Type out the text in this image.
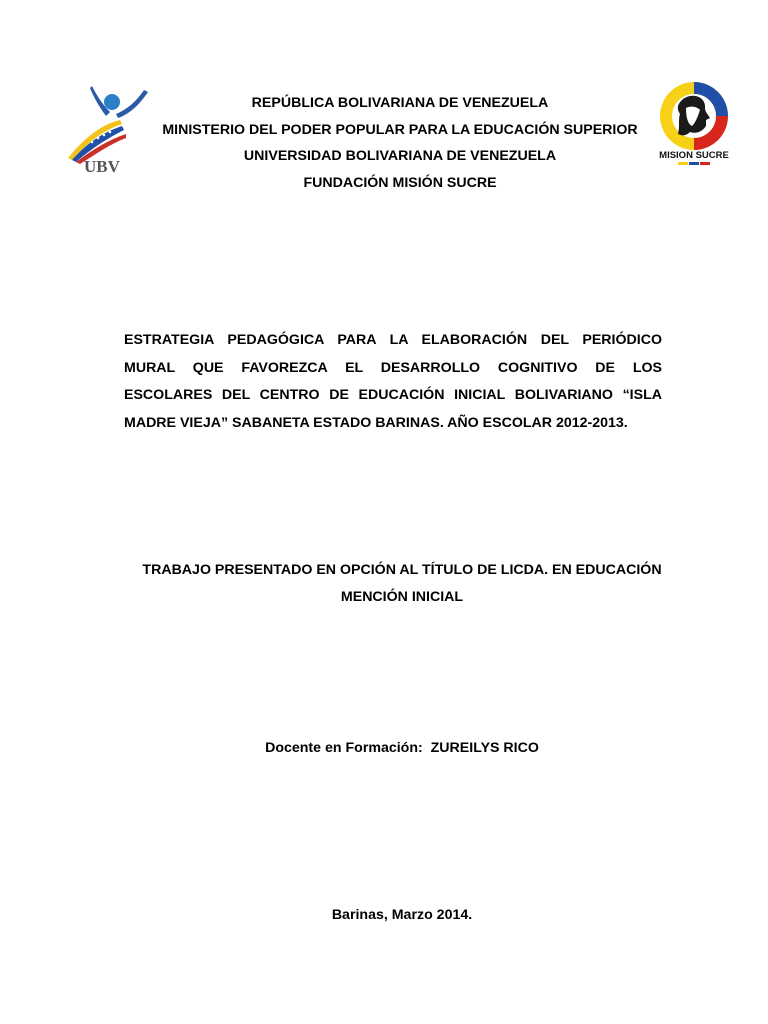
UBV
MISION SUCRE
REPÚBLICA BOLIVARIANA DE VENEZUELA
MINISTERIO DEL PODER POPULAR PARA LA EDUCACIÓN SUPERIOR
UNIVERSIDAD BOLIVARIANA DE VENEZUELA
FUNDACIÓN MISIÓN SUCRE
ESTRATEGIA PEDAGÓGICA PARA LA ELABORACIÓN DEL PERIÓDICO
MURAL QUE FAVOREZCA EL DESARROLLO COGNITIVO DE LOS
ESCOLARES DEL CENTRO DE EDUCACIÓN INICIAL BOLIVARIANO “ISLA
MADRE VIEJA” SABANETA ESTADO BARINAS. AÑO ESCOLAR 2012-2013.
TRABAJO PRESENTADO EN OPCIÓN AL TÍTULO DE LICDA. EN EDUCACIÓN
MENCIÓN INICIAL
Docente en Formación: ZUREILYS RICO
Barinas, Marzo 2014.
